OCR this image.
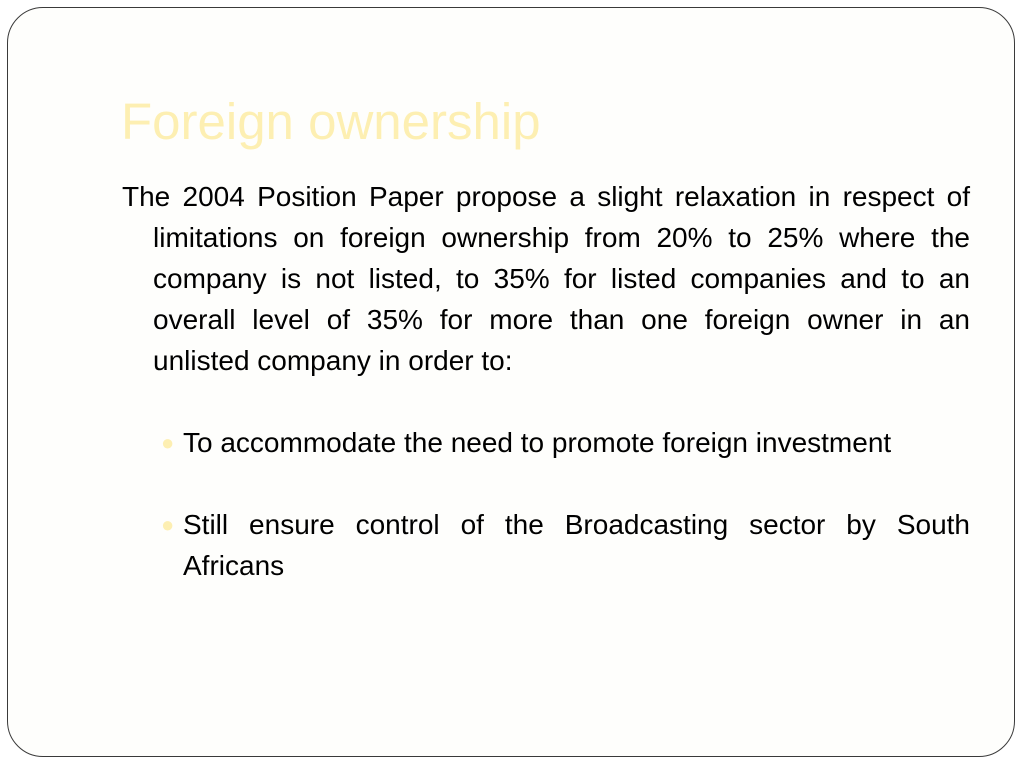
Foreign ownership

The 2004 Position Paper propose a slight relaxation in respect of limitations on foreign ownership from 20% to 25% where the company is not listed, to 35% for listed companies and to an overall level of 35% for more than one foreign owner in an unlisted company in order to:

● To accommodate the need to promote foreign investment
● Still ensure control of the Broadcasting sector by South Africans
